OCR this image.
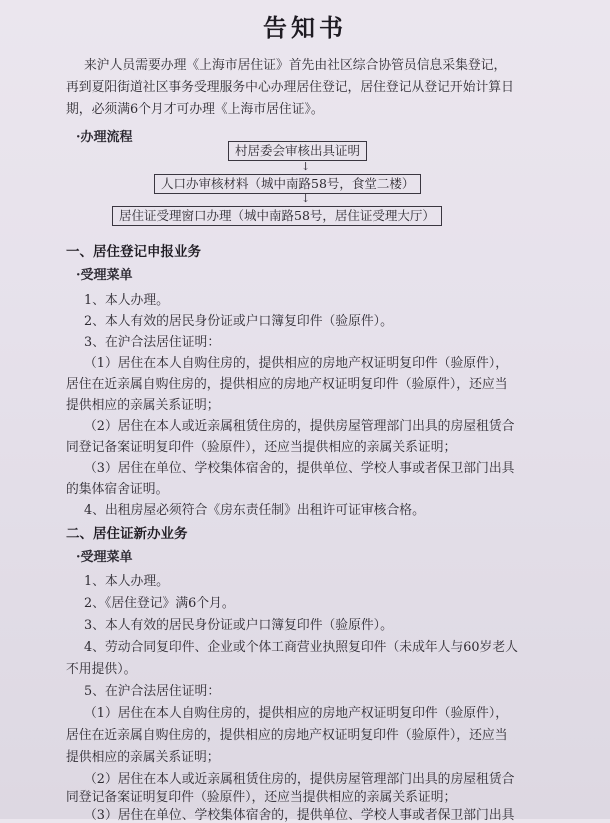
告知书
来沪人员需要办理《上海市居住证》首先由社区综合协管员信息采集登记，
再到夏阳街道社区事务受理服务中心办理居住登记，居住登记从登记开始计算日
期，必须满6个月才可办理《上海市居住证》。
·办理流程
村居委会审核出具证明
↓
人口办审核材料（城中南路58号，食堂二楼）
↓
居住证受理窗口办理（城中南路58号，居住证受理大厅）
一、居住登记申报业务
·受理菜单
1、本人办理。
2、本人有效的居民身份证或户口簿复印件（验原件）。
3、在沪合法居住证明：
（1）居住在本人自购住房的，提供相应的房地产权证明复印件（验原件），
居住在近亲属自购住房的，提供相应的房地产权证明复印件（验原件），还应当
提供相应的亲属关系证明；
（2）居住在本人或近亲属租赁住房的，提供房屋管理部门出具的房屋租赁合
同登记备案证明复印件（验原件），还应当提供相应的亲属关系证明；
（3）居住在单位、学校集体宿舍的，提供单位、学校人事或者保卫部门出具
的集体宿舍证明。
4、出租房屋必须符合《房东责任制》出租许可证审核合格。
二、居住证新办业务
·受理菜单
1、本人办理。
2、《居住登记》满6个月。
3、本人有效的居民身份证或户口簿复印件（验原件）。
4、劳动合同复印件、企业或个体工商营业执照复印件（未成年人与60岁老人
不用提供）。
5、在沪合法居住证明：
（1）居住在本人自购住房的，提供相应的房地产权证明复印件（验原件），
居住在近亲属自购住房的，提供相应的房地产权证明复印件（验原件），还应当
提供相应的亲属关系证明；
（2）居住在本人或近亲属租赁住房的，提供房屋管理部门出具的房屋租赁合
同登记备案证明复印件（验原件），还应当提供相应的亲属关系证明；
（3）居住在单位、学校集体宿舍的，提供单位、学校人事或者保卫部门出具
